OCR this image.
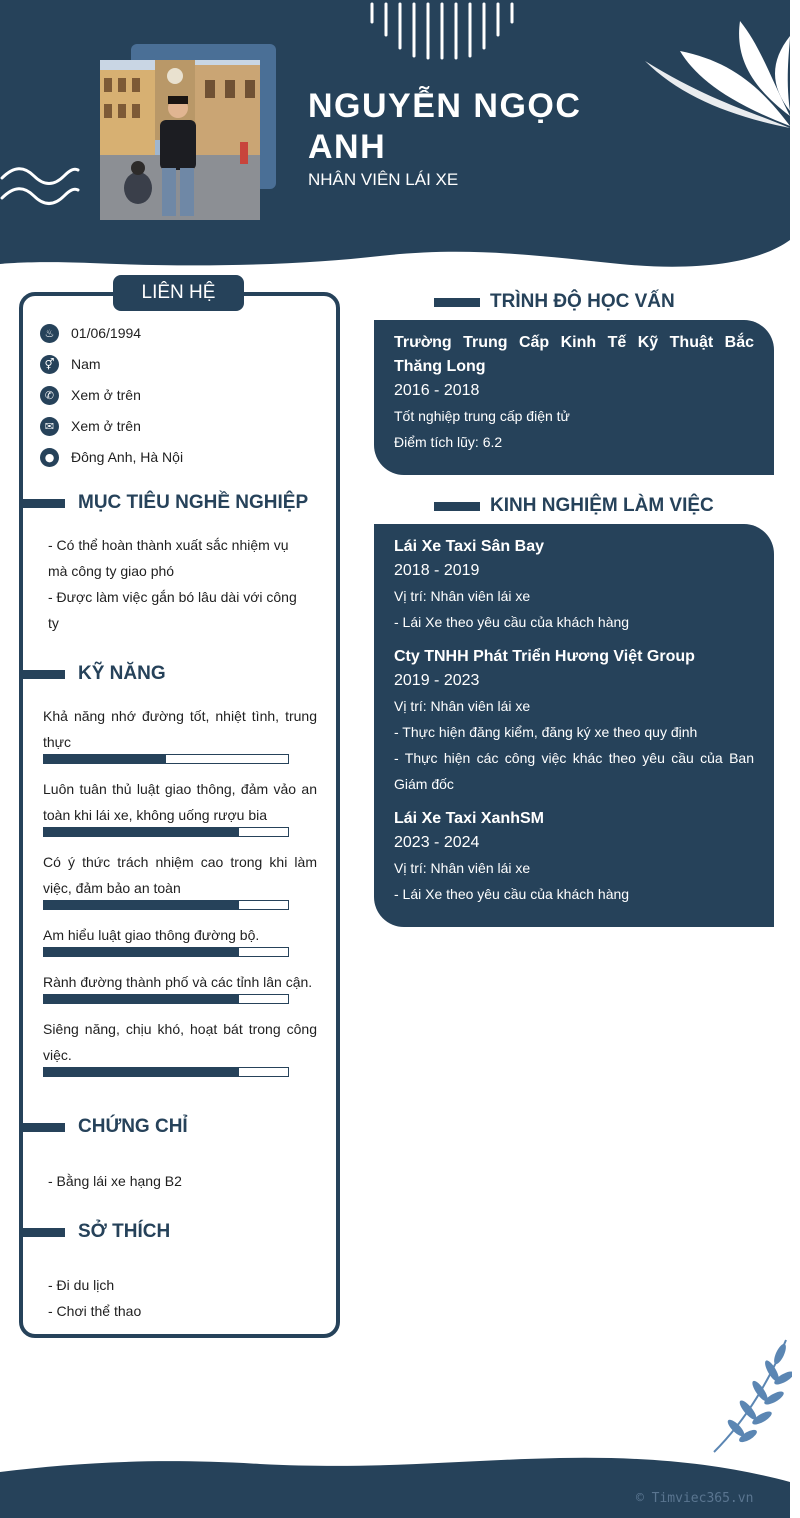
NGUYỄN NGỌC ANH
NHÂN VIÊN LÁI XE
LIÊN HỆ
♨	01/06/1994
⚥	Nam
✆	Xem ở trên
✉	Xem ở trên
●	Đông Anh, Hà Nội
MỤC TIÊU NGHỀ NGHIỆP
- Có thể hoàn thành xuất sắc nhiệm vụ mà công ty giao phó
- Được làm việc gắn bó lâu dài với công ty
KỸ NĂNG
Khả năng nhớ đường tốt, nhiệt tình, trung thực
Luôn tuân thủ luật giao thông, đảm vảo an toàn khi lái xe, không uống rượu bia
Có ý thức trách nhiệm cao trong khi làm việc, đảm bảo an toàn
Am hiểu luật giao thông đường bộ.
Rành đường thành phố và các tỉnh lân cận.
Siêng năng, chịu khó, hoạt bát trong công việc.
CHỨNG CHỈ
- Bằng lái xe hạng B2
SỞ THÍCH
- Đi du lịch
- Chơi thể thao
TRÌNH ĐỘ HỌC VẤN
Trường Trung Cấp Kinh Tế Kỹ Thuật Bắc Thăng Long
2016 - 2018
Tốt nghiệp trung cấp điện tử
Điểm tích lũy: 6.2
KINH NGHIỆM LÀM VIỆC
Lái Xe Taxi Sân Bay
2018 - 2019
Vị trí: Nhân viên lái xe
- Lái Xe theo yêu cầu của khách hàng
Cty TNHH Phát Triển Hương Việt Group
2019 - 2023
Vị trí: Nhân viên lái xe
- Thực hiện đăng kiểm, đăng ký xe theo quy định
- Thực hiện các công việc khác theo yêu cầu của Ban Giám đốc
Lái Xe Taxi XanhSM
2023 - 2024
Vị trí: Nhân viên lái xe
- Lái Xe theo yêu cầu của khách hàng
© Timviec365.vn
